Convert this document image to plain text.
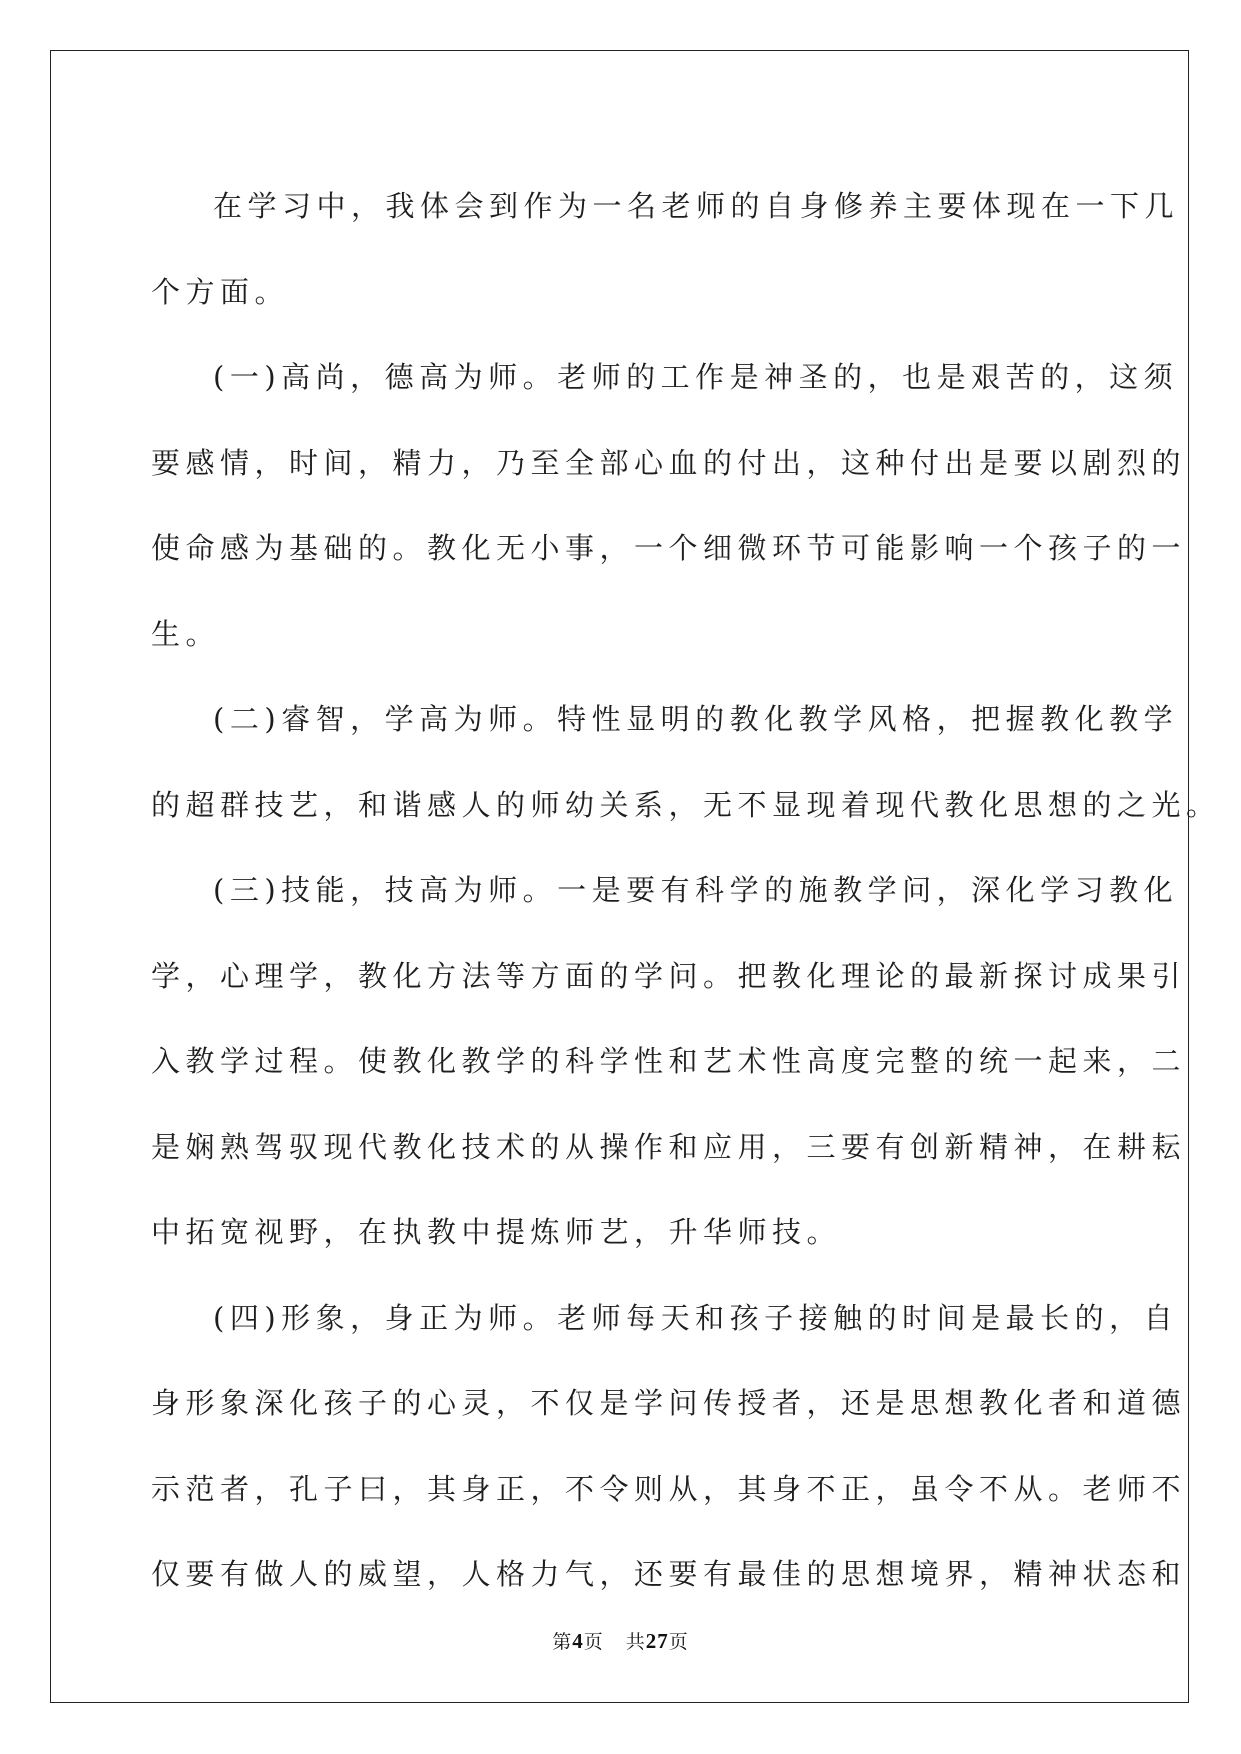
在学习中，我体会到作为一名老师的自身修养主要体现在一下几
个方面。
(一)高尚，德高为师。老师的工作是神圣的，也是艰苦的，这须
要感情，时间，精力，乃至全部心血的付出，这种付出是要以剧烈的
使命感为基础的。教化无小事，一个细微环节可能影响一个孩子的一
生。
(二)睿智，学高为师。特性显明的教化教学风格，把握教化教学
的超群技艺，和谐感人的师幼关系，无不显现着现代教化思想的之光。
(三)技能，技高为师。一是要有科学的施教学问，深化学习教化
学，心理学，教化方法等方面的学问。把教化理论的最新探讨成果引
入教学过程。使教化教学的科学性和艺术性高度完整的统一起来，二
是娴熟驾驭现代教化技术的从操作和应用，三要有创新精神，在耕耘
中拓宽视野，在执教中提炼师艺，升华师技。
(四)形象，身正为师。老师每天和孩子接触的时间是最长的，自
身形象深化孩子的心灵，不仅是学问传授者，还是思想教化者和道德
示范者，孔子曰，其身正，不令则从，其身不正，虽令不从。老师不
仅要有做人的威望，人格力气，还要有最佳的思想境界，精神状态和
第4页 共27页
